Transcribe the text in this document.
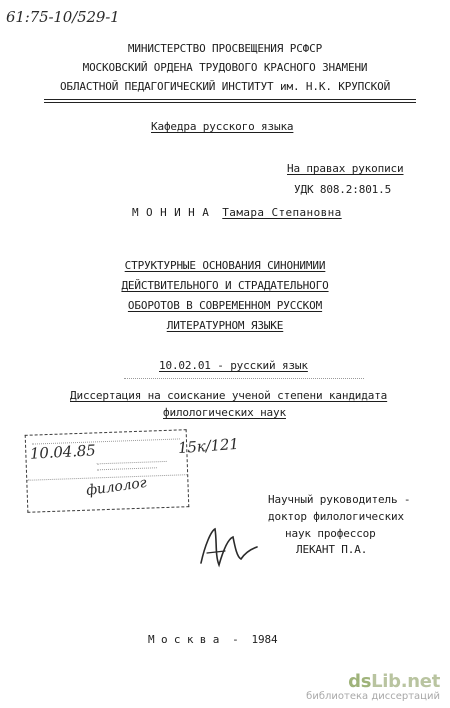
61:75-10/529-1
МИНИСТЕРСТВО ПРОСВЕЩЕНИЯ РСФСР
МОСКОВСКИЙ ОРДЕНА ТРУДОВОГО КРАСНОГО ЗНАМЕНИ
ОБЛАСТНОЙ ПЕДАГОГИЧЕСКИЙ ИНСТИТУТ им. Н.К. КРУПСКОЙ
Кафедра русского языка
На правах рукописи
УДК 808.2:801.5
М О Н И Н А Тамара Степановна
СТРУКТУРНЫЕ ОСНОВАНИЯ СИНОНИМИИ
ДЕЙСТВИТЕЛЬНОГО И СТРАДАТЕЛЬНОГО
ОБОРОТОВ В СОВРЕМЕННОМ РУССКОМ
ЛИТЕРАТУРНОМ ЯЗЫКЕ
10.02.01 - русский язык
Диссертация на соискание ученой степени кандидата
филологических наук
10.04.85	15к/121
филолог
Научный руководитель -
доктор филологических
наук профессор
ЛЕКАНТ П.А.
М о с к в а  -  1984
dsLib.net
библиотека диссертаций
